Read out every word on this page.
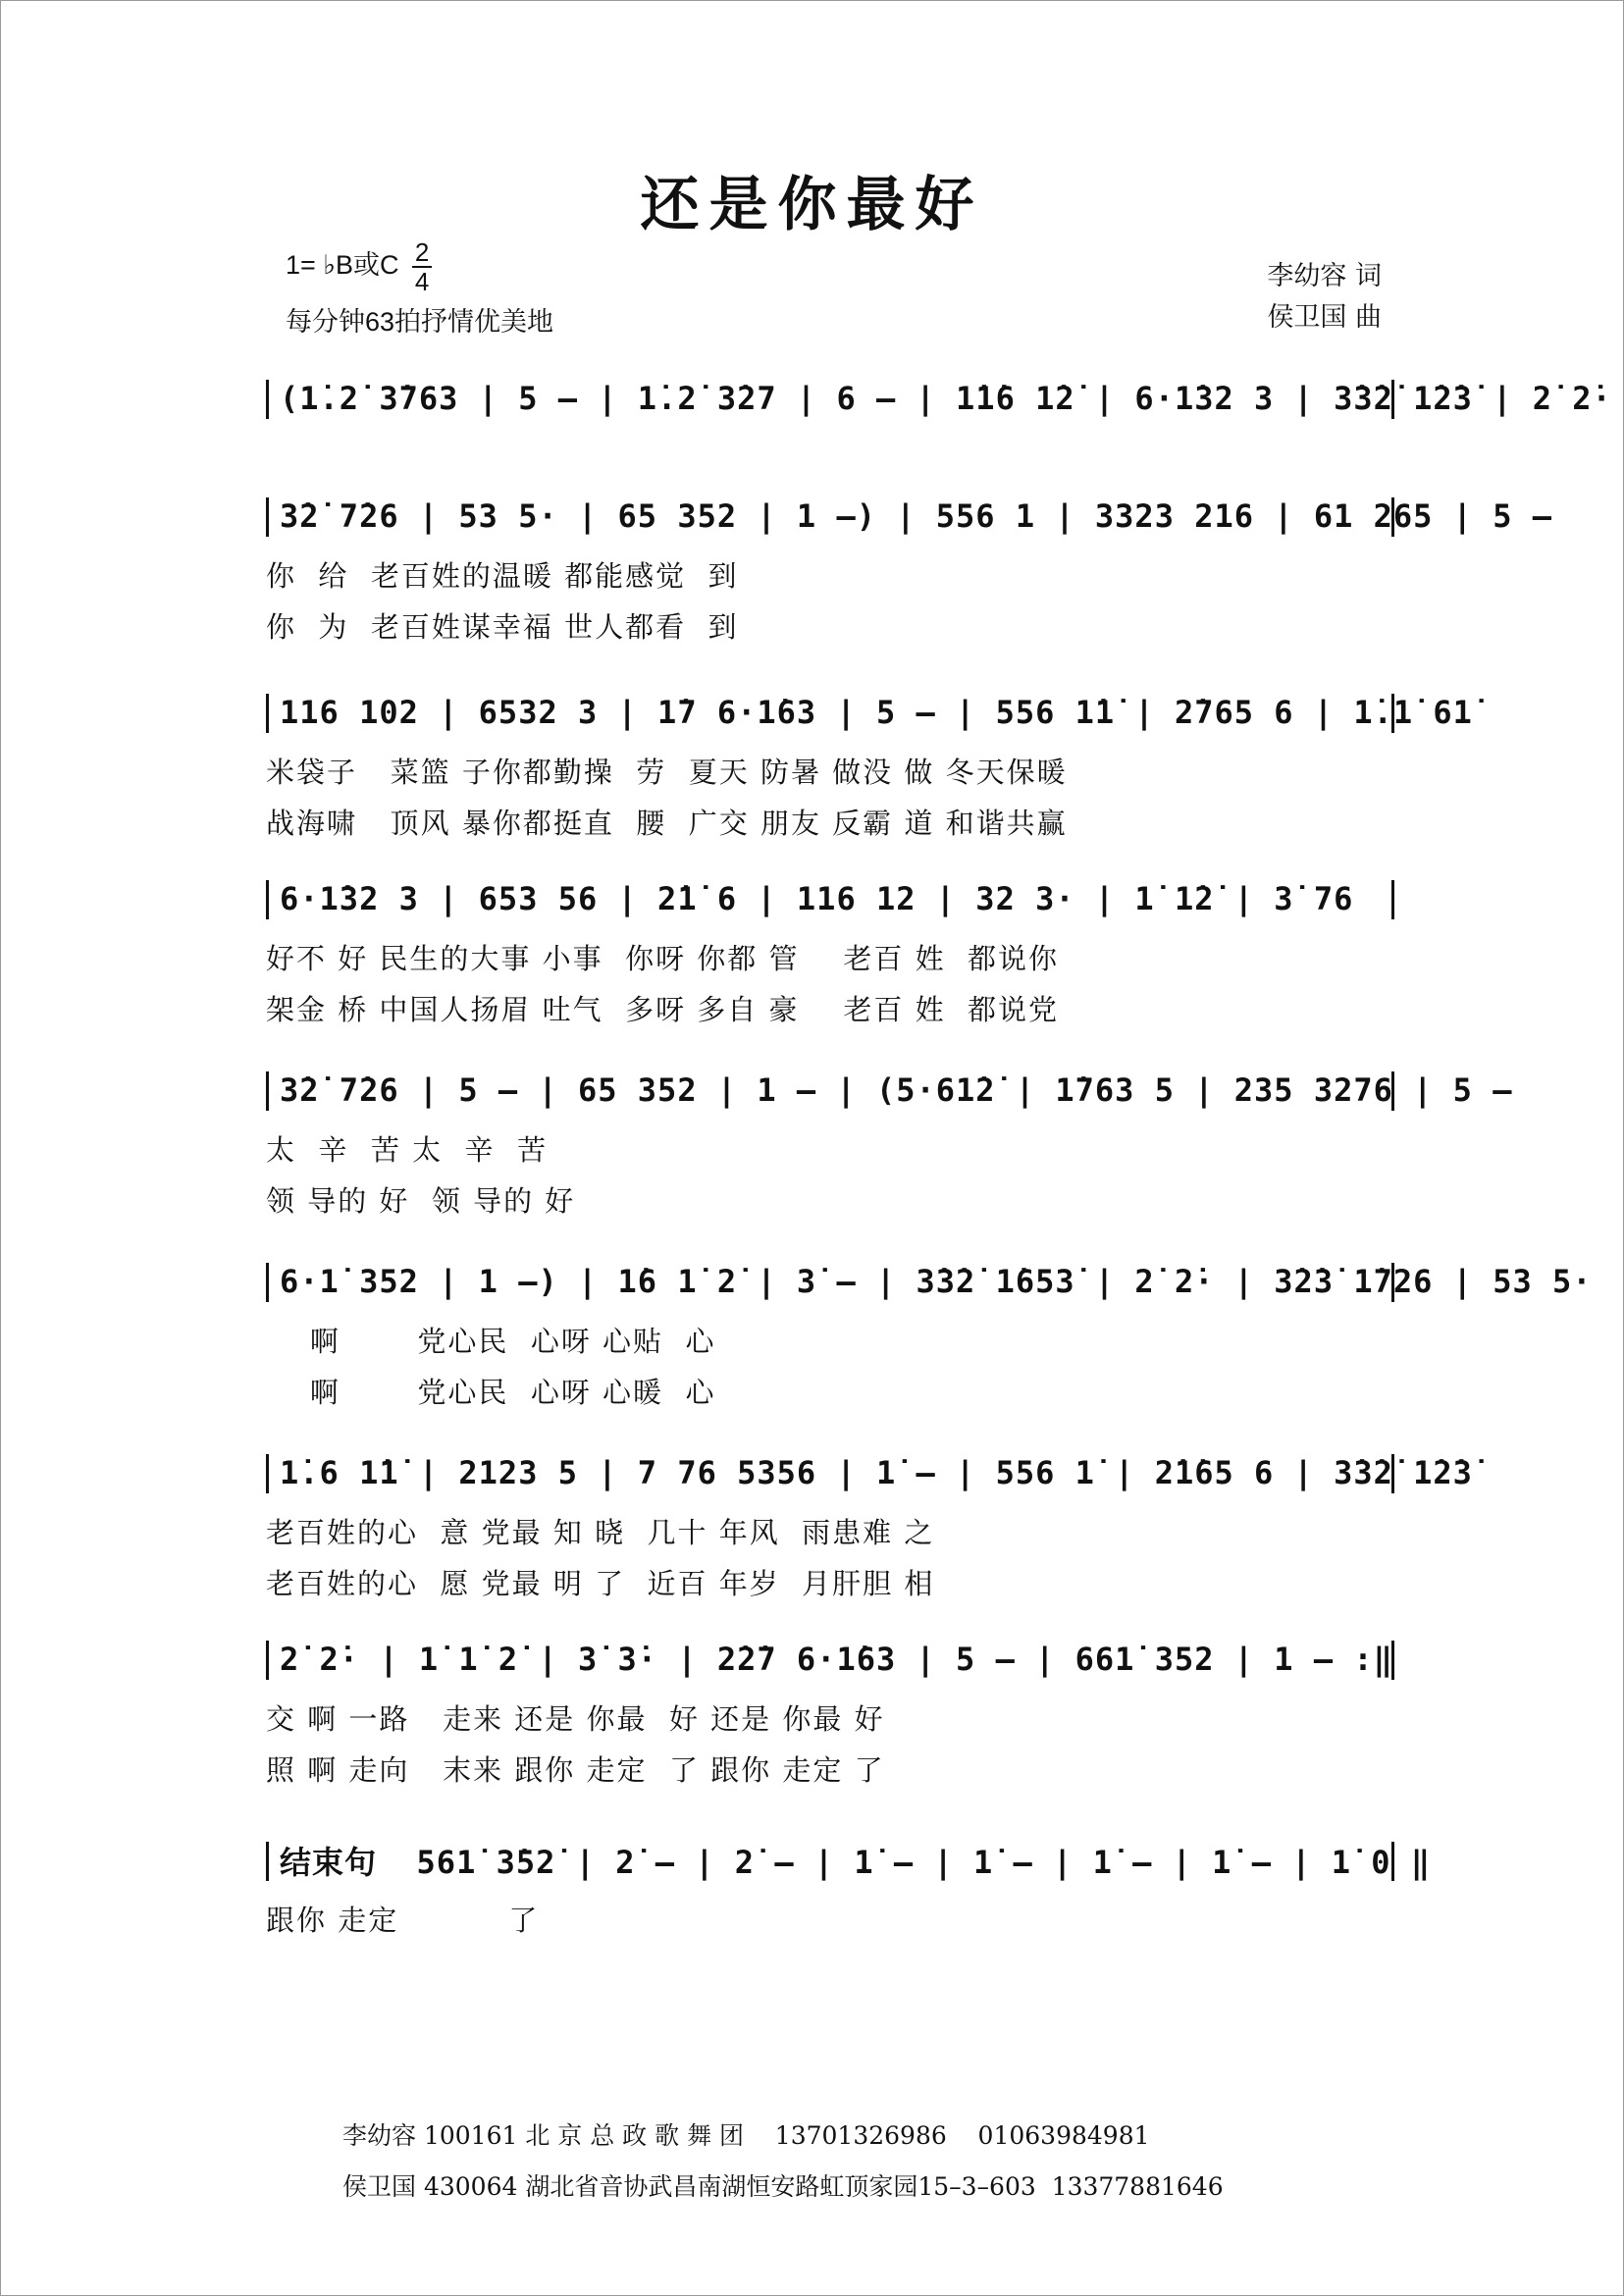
还是你最好
1= ♭B或C $\frac{2}{4}$
每分钟63拍抒情优美地
李幼容 词
侯卫国 曲
(1̇.2̇ 3̇763 | 5 – | 1̇.2̇ 3̇27 | 6 – | 1̇1̇6 1̇2̇ | 6·1̇32 3 | 3̇3̇2̇ 1̇2̇3̇ | 2̇ 2̇·
3̇2̇ 7̇26 | 53 5· | 65 352 | 1 –) | 556 1 | 3323 216 | 61 265 | 5 –
你  给  老百姓的温暖 都能感觉  到
你  为  老百姓谋幸福 世人都看  到
116 102 | 6532 3 | 1̇7 6·1̇63 | 5 – | 556 1̇1̇ | 2̇765 6 | 1̇.1̇ 61̇
米袋子   菜篮 子你都勤操  劳  夏天 防暑 做没 做 冬天保暖
战海啸   顶风 暴你都挺直  腰  广交 朋友 反霸 道 和谐共赢
6·1̇32 3 | 653 56 | 2̇1̇ 6 | 116 12 | 32 3· | 1̇ 1̇2̇ | 3̇ 76
好不 好 民生的大事 小事  你呀 你都 管    老百 姓  都说你
架金 桥 中国人扬眉 吐气  多呀 多自 豪    老百 姓  都说党
3̇2̇ 7̇26 | 5 – | 65 352 | 1 – | (5·61̇2̇ | 1̇763 5 | 235 3276 | 5 –
太  辛  苦 太  辛  苦
领 导的 好  领 导的 好
6·1̇ 352 | 1 –) | 1̇6 1̇ 2̇ | 3̇ – | 3̇3̇2̇ 1̇653̇ | 2̇ 2̇· | 3̇2̇3̇ 1̇726 | 53 5·
啊       党心民  心呀 心贴  心
啊       党心民  心呀 心暖  心
1̇.6 1̇1̇ | 2123 5 | 7 76 5356 | 1̇ – | 556 1̇ | 2̇1̇65 6 | 3̇3̇2̇ 1̇2̇3̇
老百姓的心  意 党最 知 晓  几十 年风  雨患难 之
老百姓的心  愿 党最 明 了  近百 年岁  月肝胆 相
2̇ 2̇· | 1̇ 1̇ 2̇ | 3̇ 3̇· | 2̇2̇7 6·1̇63 | 5 – | 661̇ 352 | 1 – :‖
交 啊 一路   走来 还是 你最  好 还是 你最 好
照 啊 走向   末来 跟你 走定  了 跟你 走定 了
结束句  561̇ 3̇52̇ | 2̇ – | 2̇ – | 1̇ – | 1̇ – | 1̇ – | 1̇ – | 1̇ 0 ‖
跟你 走定          了
李幼容 100161 北 京 总 政 歌 舞 团    13701326986    01063984981
侯卫国 430064 湖北省音协武昌南湖恒安路虹顶家园15–3–603  13377881646
